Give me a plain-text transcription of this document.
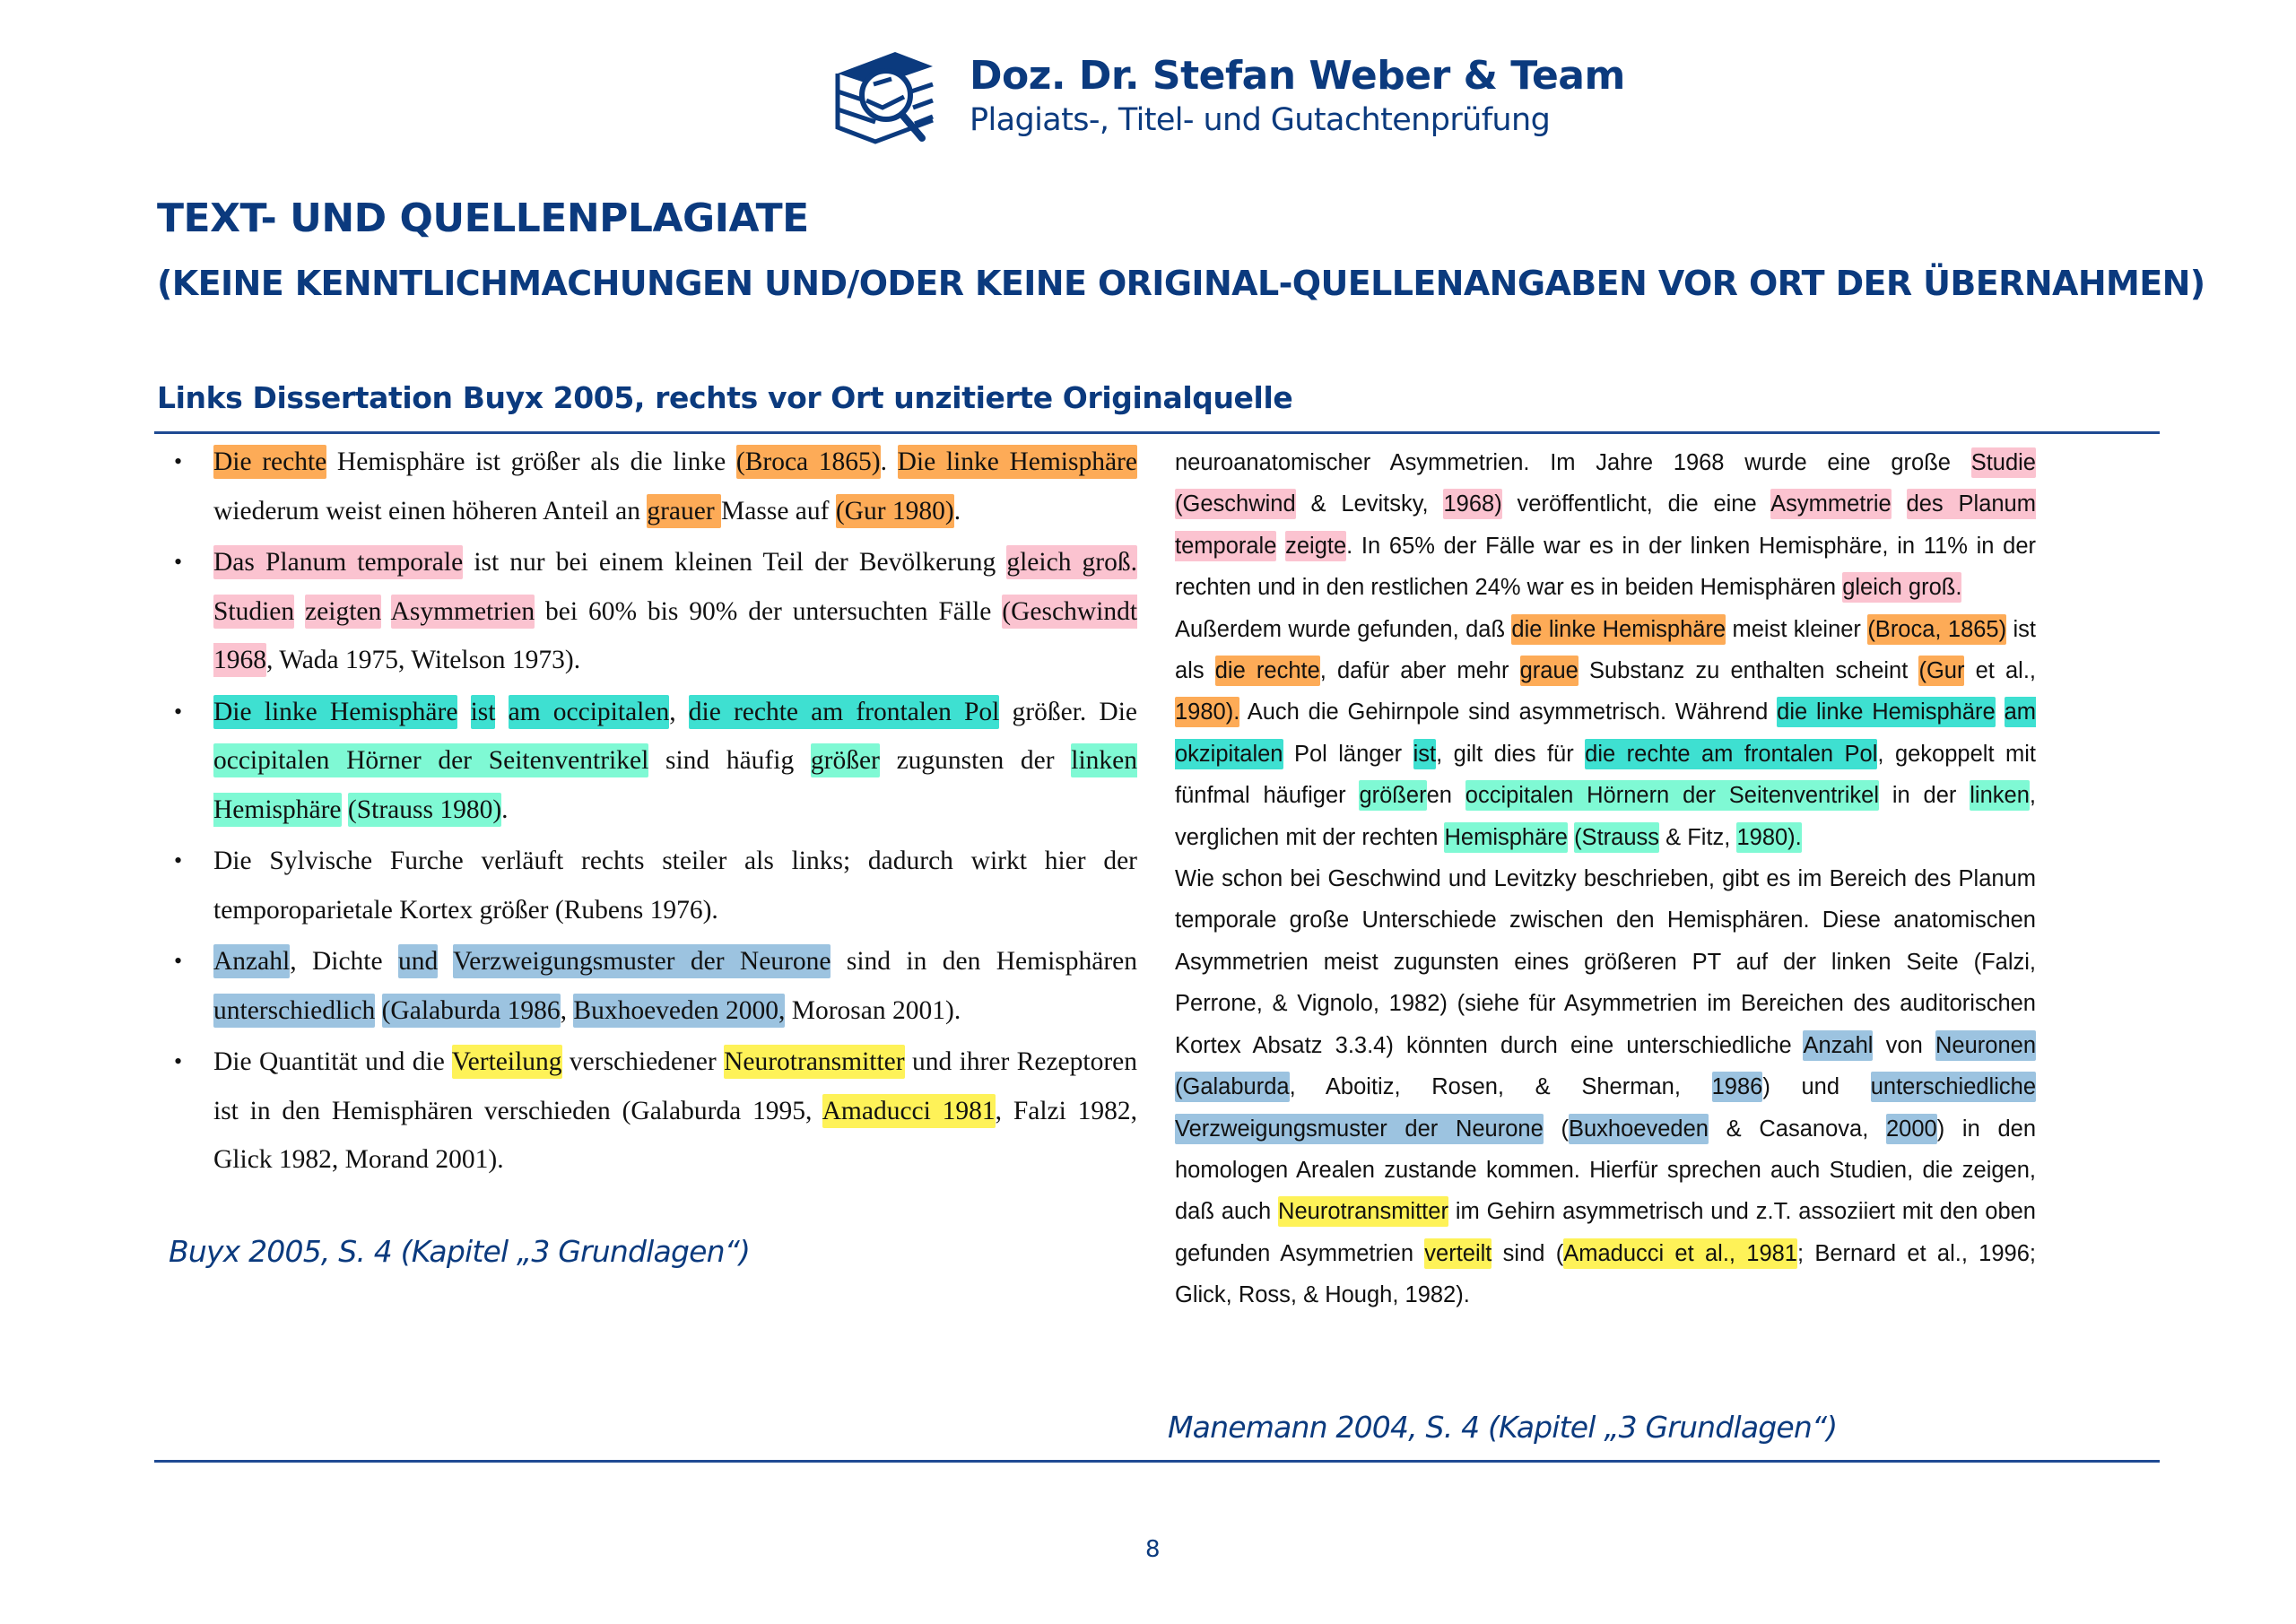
Doz. Dr. Stefan Weber & Team
Plagiats-, Titel- und Gutachtenprüfung
TEXT- UND QUELLENPLAGIATE
(KEINE KENNTLICHMACHUNGEN UND/ODER KEINE ORIGINAL-QUELLENANGABEN VOR ORT DER ÜBERNAHMEN)
Links Dissertation Buyx 2005, rechts vor Ort unzitierte Originalquelle
• Die rechte Hemisphäre ist größer als die linke (Broca 1865). Die linke Hemisphäre wiederum weist einen höheren Anteil an grauer Masse auf (Gur 1980).
• Das Planum temporale ist nur bei einem kleinen Teil der Bevölkerung gleich groß. Studien zeigten Asymmetrien bei 60% bis 90% der untersuchten Fälle (Geschwindt 1968, Wada 1975, Witelson 1973).
• Die linke Hemisphäre ist am occipitalen, die rechte am frontalen Pol größer. Die occipitalen Hörner der Seitenventrikel sind häufig größer zugunsten der linken Hemisphäre (Strauss 1980).
• Die Sylvische Furche verläuft rechts steiler als links; dadurch wirkt hier der temporoparietale Kortex größer (Rubens 1976).
• Anzahl, Dichte und Verzweigungsmuster der Neurone sind in den Hemisphären unterschiedlich (Galaburda 1986, Buxhoeveden 2000, Morosan 2001).
• Die Quantität und die Verteilung verschiedener Neurotransmitter und ihrer Rezeptoren ist in den Hemisphären verschieden (Galaburda 1995, Amaducci 1981, Falzi 1982, Glick 1982, Morand 2001).
Buyx 2005, S. 4 (Kapitel „3 Grundlagen“)

neuroanatomischer Asymmetrien. Im Jahre 1968 wurde eine große Studie (Geschwind & Levitsky, 1968) veröffentlicht, die eine Asymmetrie des Planum temporale zeigte. In 65% der Fälle war es in der linken Hemisphäre, in 11% in der rechten und in den restlichen 24% war es in beiden Hemisphären gleich groß.

Außerdem wurde gefunden, daß die linke Hemisphäre meist kleiner (Broca, 1865) ist als die rechte, dafür aber mehr graue Substanz zu enthalten scheint (Gur et al., 1980). Auch die Gehirnpole sind asymmetrisch. Während die linke Hemisphäre am okzipitalen Pol länger ist, gilt dies für die rechte am frontalen Pol, gekoppelt mit fünfmal häufiger größeren occipitalen Hörnern der Seitenventrikel in der linken, verglichen mit der rechten Hemisphäre (Strauss & Fitz, 1980).

Wie schon bei Geschwind und Levitzky beschrieben, gibt es im Bereich des Planum temporale große Unterschiede zwischen den Hemisphären. Diese anatomischen Asymmetrien meist zugunsten eines größeren PT auf der linken Seite (Falzi, Perrone, & Vignolo, 1982) (siehe für Asymmetrien im Bereichen des auditorischen Kortex Absatz 3.3.4) könnten durch eine unterschiedliche Anzahl von Neuronen (Galaburda, Aboitiz, Rosen, & Sherman, 1986) und unterschiedliche Verzweigungsmuster der Neurone (Buxhoeveden & Casanova, 2000) in den homologen Arealen zustande kommen. Hierfür sprechen auch Studien, die zeigen, daß auch Neurotransmitter im Gehirn asymmetrisch und z.T. assoziiert mit den oben gefunden Asymmetrien verteilt sind (Amaducci et al., 1981; Bernard et al., 1996; Glick, Ross, & Hough, 1982).

Manemann 2004, S. 4 (Kapitel „3 Grundlagen“)
8
